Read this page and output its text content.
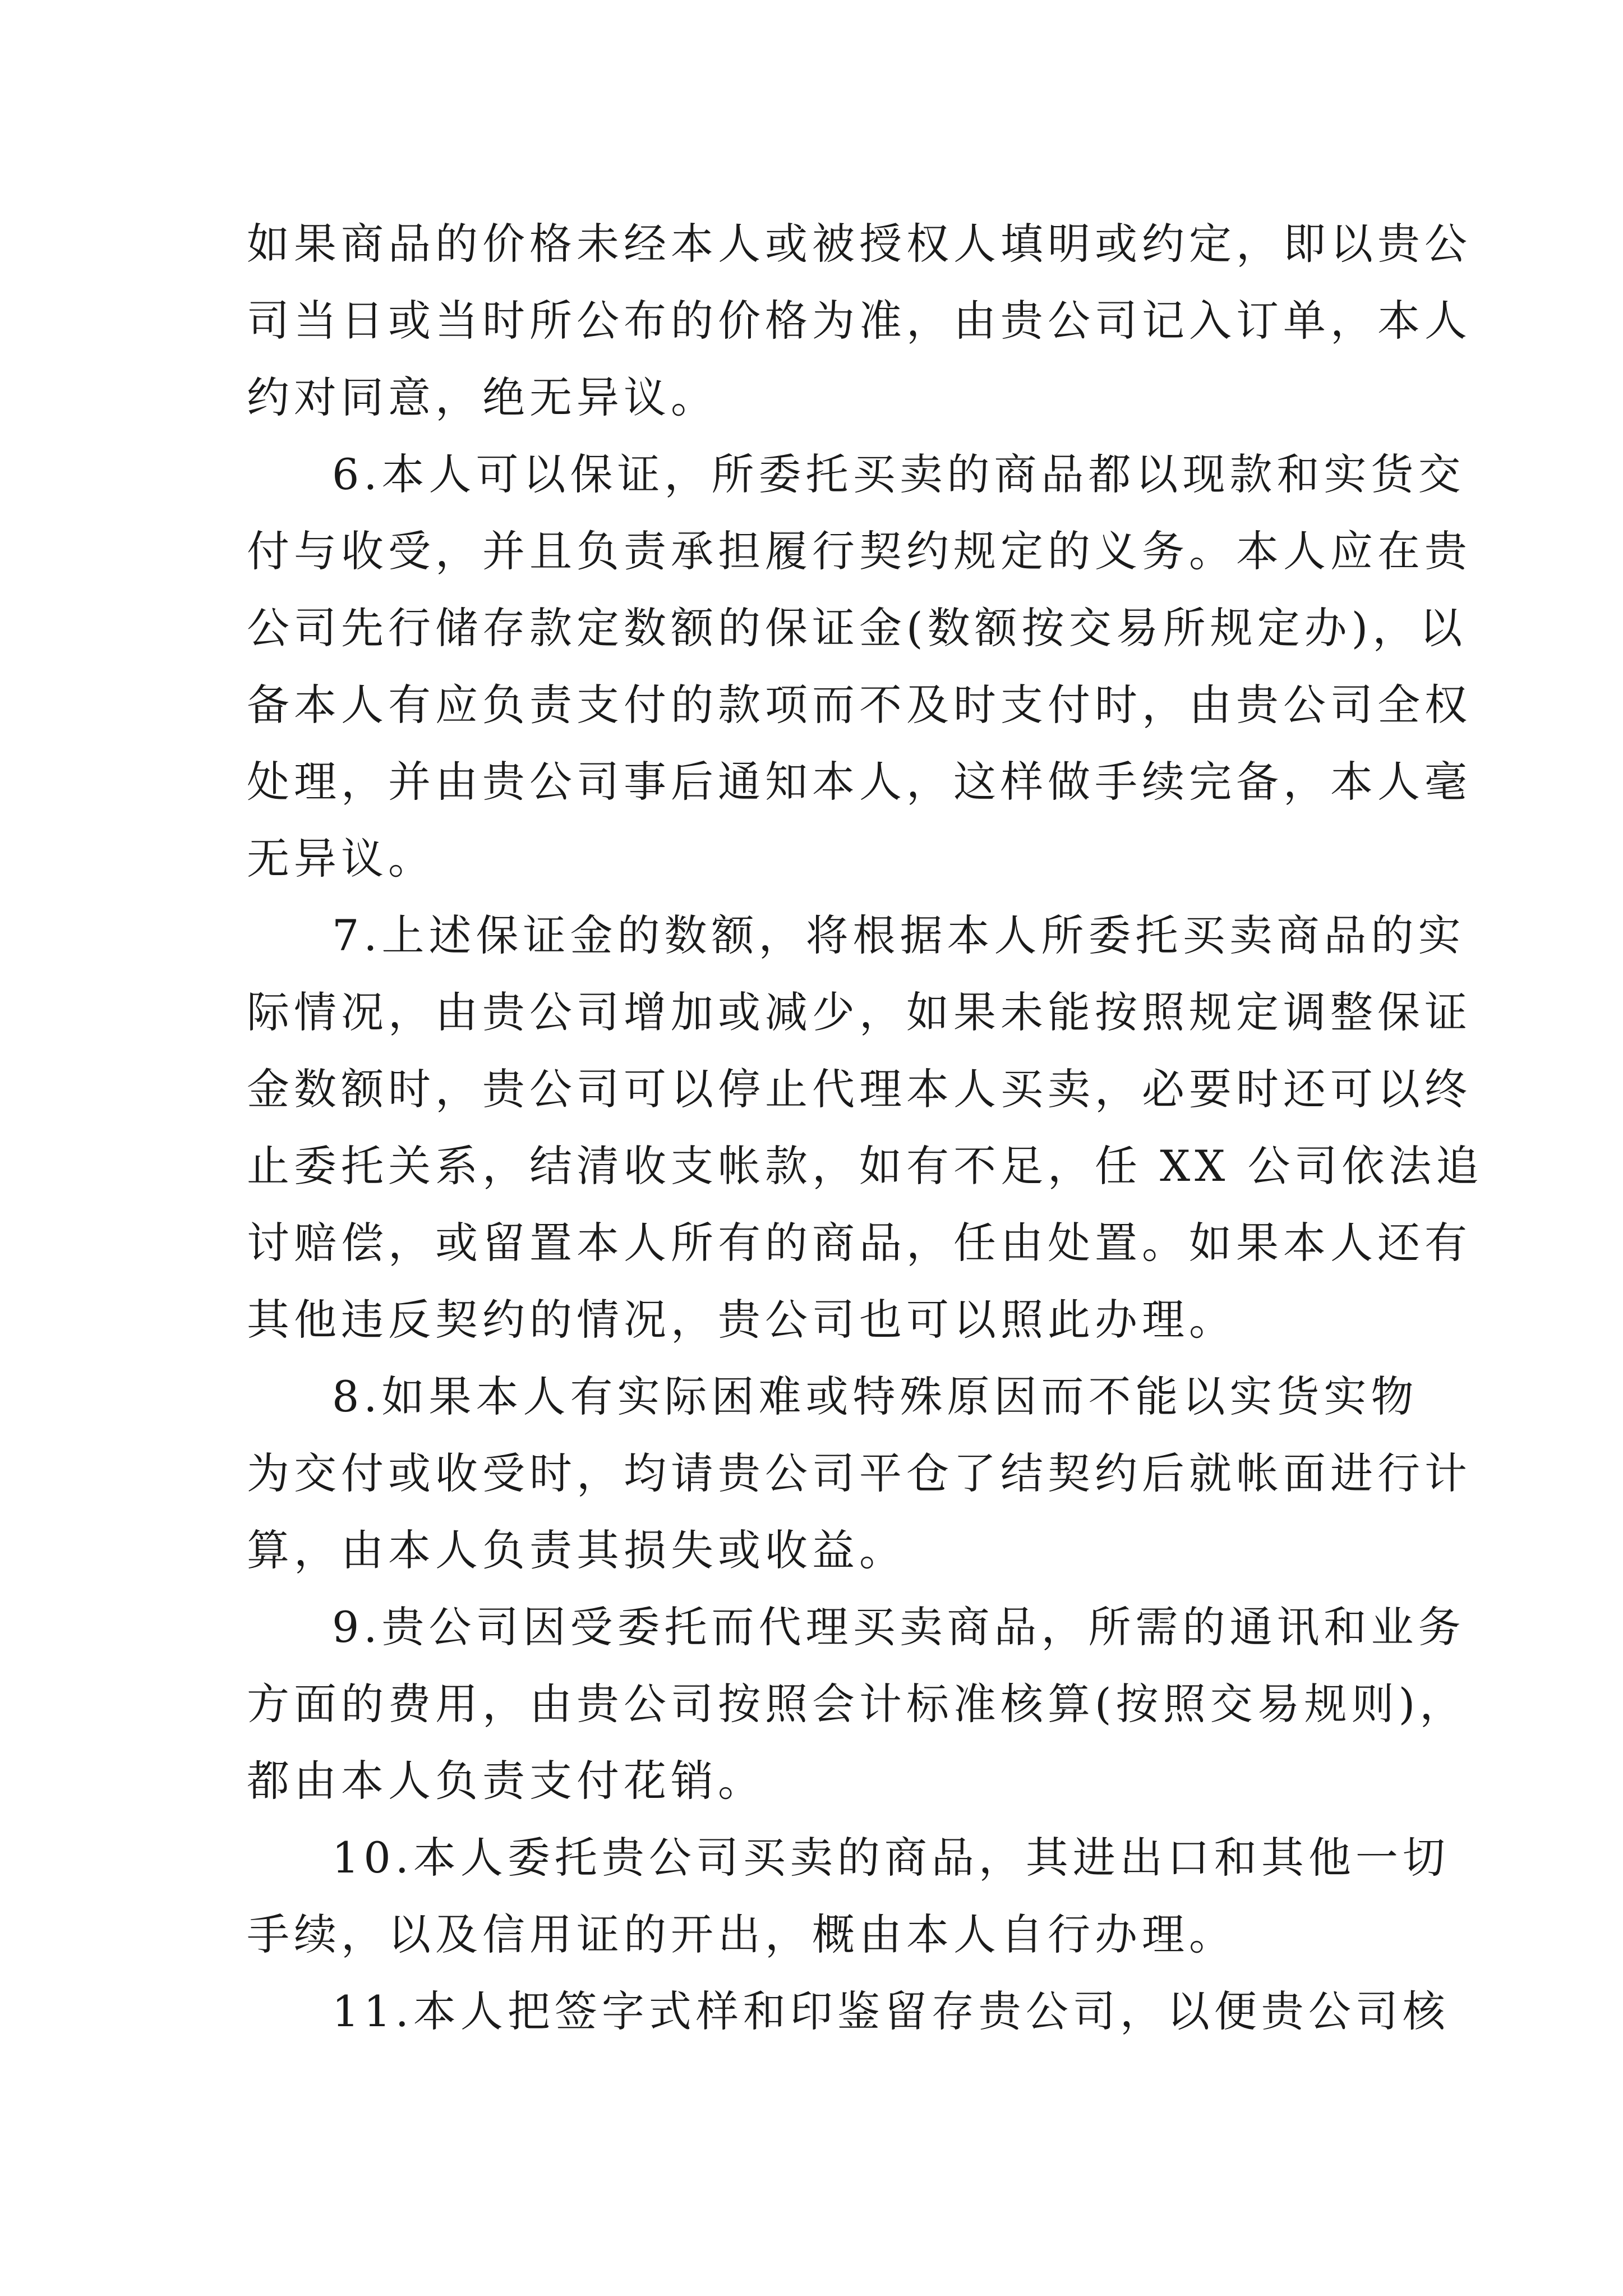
如果商品的价格未经本人或被授权人填明或约定，即以贵公
司当日或当时所公布的价格为准，由贵公司记入订单，本人
约对同意，绝无异议。
6.本人可以保证，所委托买卖的商品都以现款和实货交
付与收受，并且负责承担履行契约规定的义务。本人应在贵
公司先行储存款定数额的保证金(数额按交易所规定办)，以
备本人有应负责支付的款项而不及时支付时，由贵公司全权
处理，并由贵公司事后通知本人，这样做手续完备，本人毫
无异议。
7.上述保证金的数额，将根据本人所委托买卖商品的实
际情况，由贵公司增加或减少，如果未能按照规定调整保证
金数额时，贵公司可以停止代理本人买卖，必要时还可以终
止委托关系，结清收支帐款，如有不足，任 XX 公司依法追
讨赔偿，或留置本人所有的商品，任由处置。如果本人还有
其他违反契约的情况，贵公司也可以照此办理。
8.如果本人有实际困难或特殊原因而不能以实货实物
为交付或收受时，均请贵公司平仓了结契约后就帐面进行计
算，由本人负责其损失或收益。
9.贵公司因受委托而代理买卖商品，所需的通讯和业务
方面的费用，由贵公司按照会计标准核算(按照交易规则)，
都由本人负责支付花销。
10.本人委托贵公司买卖的商品，其进出口和其他一切
手续，以及信用证的开出，概由本人自行办理。
11.本人把签字式样和印鉴留存贵公司，以便贵公司核
